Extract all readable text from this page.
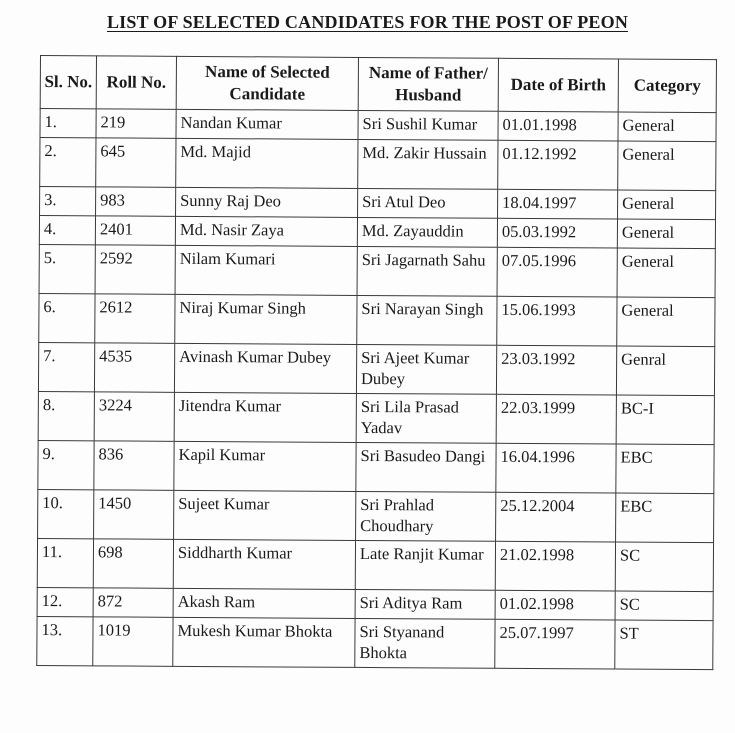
LIST OF SELECTED CANDIDATES FOR THE POST OF PEON
Sl. No.	Roll No.	Name of Selected Candidate	Name of Father/ Husband	Date of Birth	Category
1.	219	Nandan Kumar	Sri Sushil Kumar	01.01.1998	General
2.	645	Md. Majid	Md. Zakir Hussain	01.12.1992	General
3.	983	Sunny Raj Deo	Sri Atul Deo	18.04.1997	General
4.	2401	Md. Nasir Zaya	Md. Zayauddin	05.03.1992	General
5.	2592	Nilam Kumari	Sri Jagarnath Sahu	07.05.1996	General
6.	2612	Niraj Kumar Singh	Sri Narayan Singh	15.06.1993	General
7.	4535	Avinash Kumar Dubey	Sri Ajeet Kumar Dubey	23.03.1992	Genral
8.	3224	Jitendra Kumar	Sri Lila Prasad Yadav	22.03.1999	BC-I
9.	836	Kapil Kumar	Sri Basudeo Dangi	16.04.1996	EBC
10.	1450	Sujeet Kumar	Sri Prahlad Choudhary	25.12.2004	EBC
11.	698	Siddharth Kumar	Late Ranjit Kumar	21.02.1998	SC
12.	872	Akash Ram	Sri Aditya Ram	01.02.1998	SC
13.	1019	Mukesh Kumar Bhokta	Sri Styanand Bhokta	25.07.1997	ST
